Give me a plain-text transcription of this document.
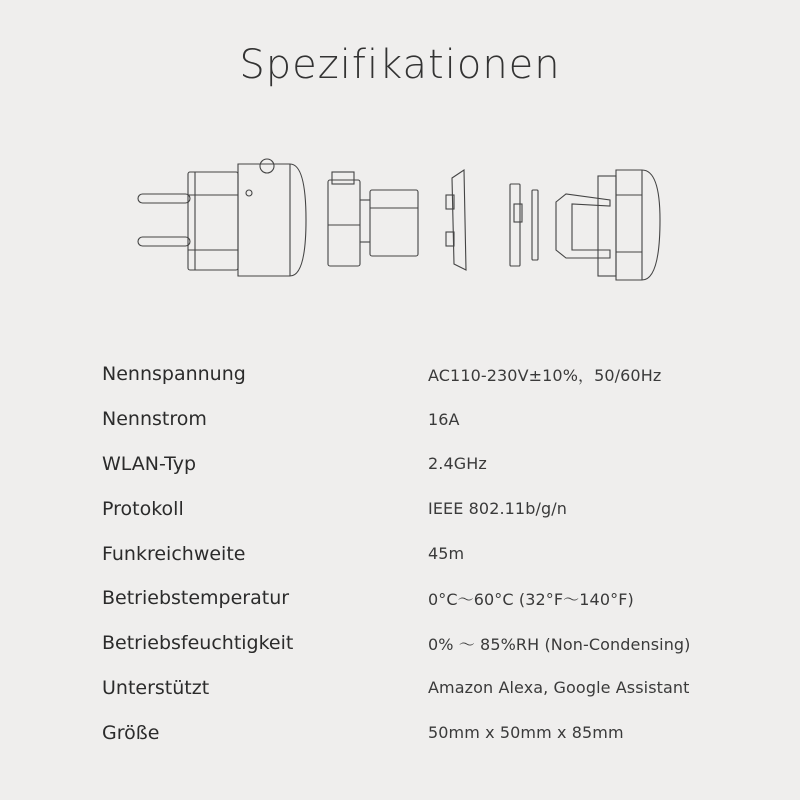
Spezifikationen
Nennspannung	AC110-230V±10%，50/60Hz
Nennstrom	16A
WLAN-Typ	2.4GHz
Protokoll	IEEE 802.11b/g/n
Funkreichweite	45m
Betriebstemperatur	0°C～60°C (32°F～140°F)
Betriebsfeuchtigkeit	0% ～ 85%RH (Non-Condensing)
Unterstützt	Amazon Alexa, Google Assistant
Größe	50mm x 50mm x 85mm
